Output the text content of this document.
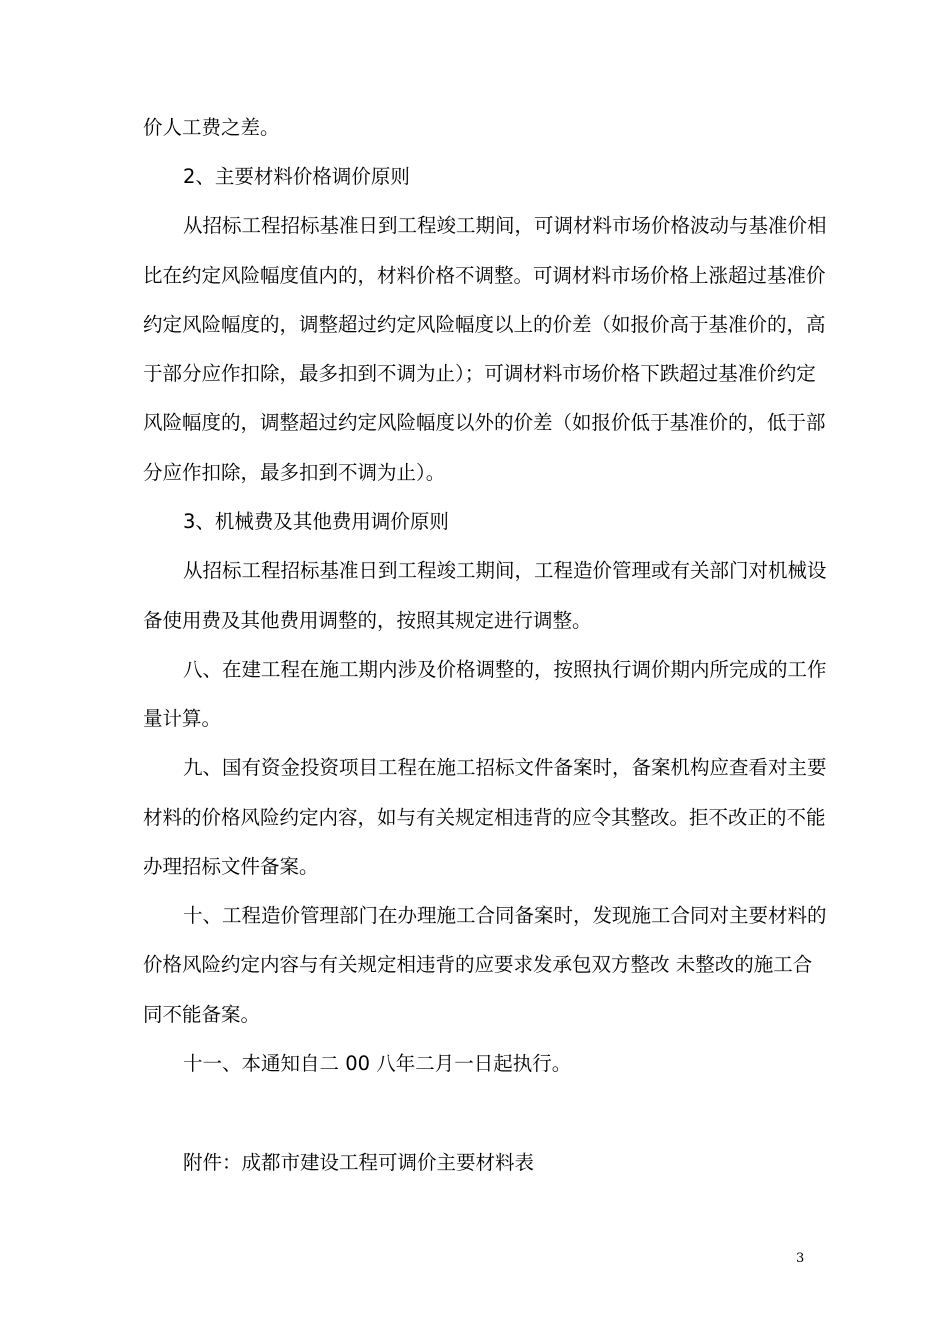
价人工费之差。
2、主要材料价格调价原则
从招标工程招标基准日到工程竣工期间，可调材料市场价格波动与基准价相
比在约定风险幅度值内的，材料价格不调整。可调材料市场价格上涨超过基准价
约定风险幅度的，调整超过约定风险幅度以上的价差（如报价高于基准价的，高
于部分应作扣除，最多扣到不调为止）；可调材料市场价格下跌超过基准价约定
风险幅度的，调整超过约定风险幅度以外的价差（如报价低于基准价的，低于部
分应作扣除，最多扣到不调为止）。
3、机械费及其他费用调价原则
从招标工程招标基准日到工程竣工期间，工程造价管理或有关部门对机械设
备使用费及其他费用调整的，按照其规定进行调整。
八、在建工程在施工期内涉及价格调整的，按照执行调价期内所完成的工作
量计算。
九、国有资金投资项目工程在施工招标文件备案时，备案机构应查看对主要
材料的价格风险约定内容，如与有关规定相违背的应令其整改。拒不改正的不能
办理招标文件备案。
十、工程造价管理部门在办理施工合同备案时，发现施工合同对主要材料的
价格风险约定内容与有关规定相违背的应要求发承包双方整改 未整改的施工合
同不能备案。
十一、本通知自二 00 八年二月一日起执行。
附件：成都市建设工程可调价主要材料表
3
